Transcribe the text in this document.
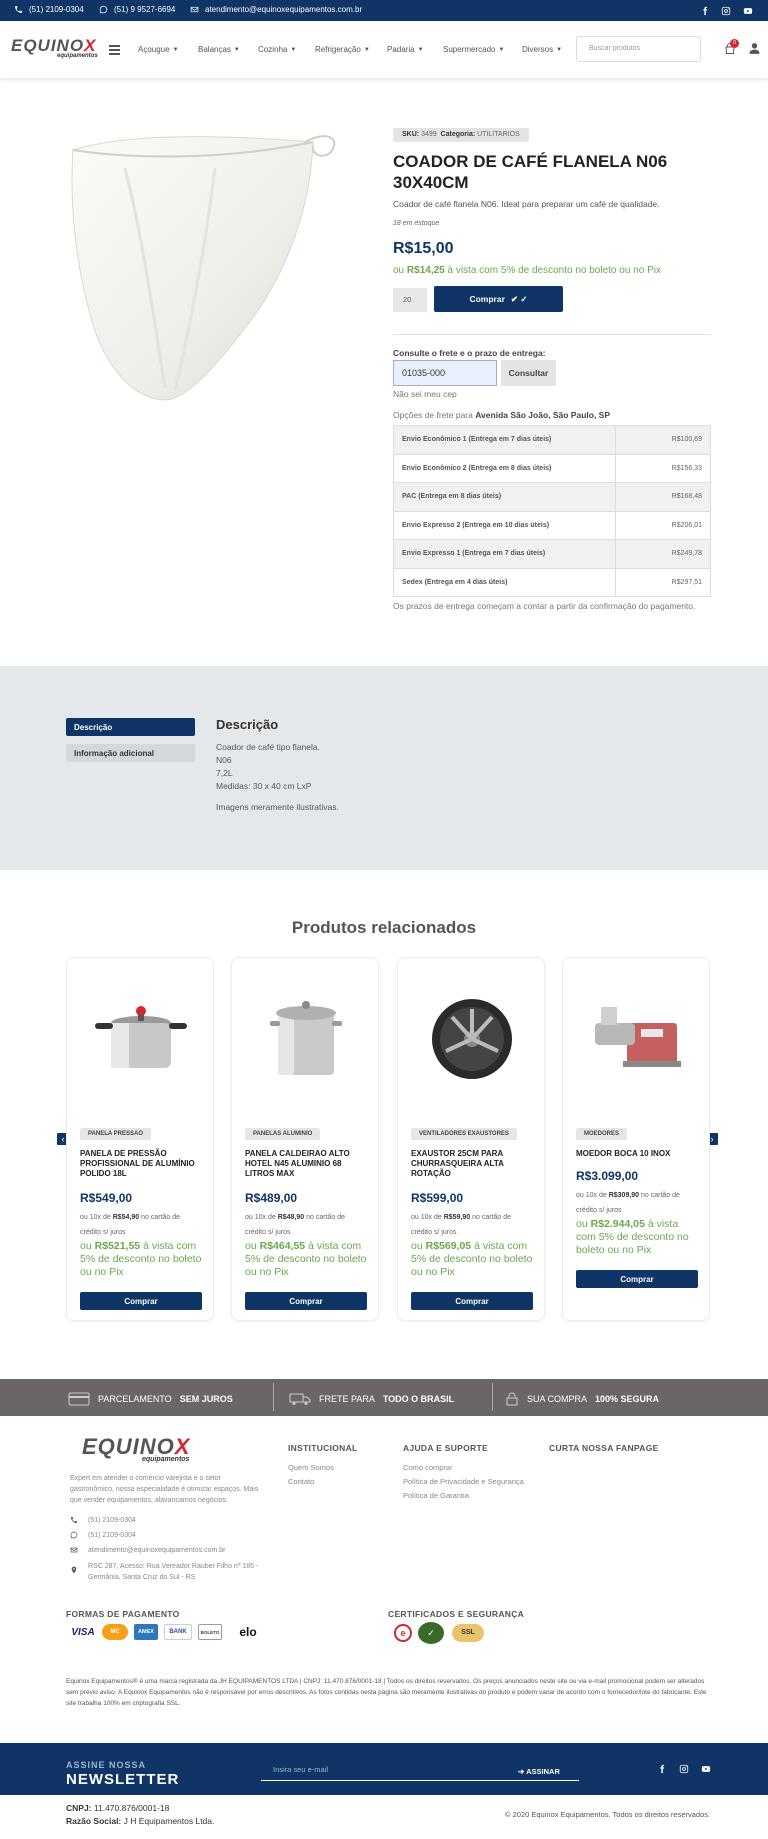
(51) 2109-0304	(51) 9 9527-6694	atendimento@equinoxequipamentos.com.br
EQUINOX
equipamentos
Açougue ▼ Balanças ▼ Cozinha ▼ Refrigeração ▼ Padaria ▼ Supermercado ▼ Diversos ▼	Buscar produtos
0
SKU: 3499 Categoria: UTILITARIOS
COADOR DE CAFÉ FLANELA N06 30X40CM
Coador de café flanela N06. Ideal para preparar um café de qualidade.
18 em estoque
R$15,00
ou R$14,25 à vista com 5% de desconto no boleto ou no Pix
20	Comprar ✔ ✓
Consulte o frete e o prazo de entrega:
01035-000	Consultar
Não sei meu cep
Opções de frete para Avenida São João, São Paulo, SP
Envio Econômico 1 (Entrega em 7 dias úteis)	R$100,69
Envio Econômico 2 (Entrega em 8 dias úteis)	R$156,33
PAC (Entrega em 8 dias úteis)	R$168,48
Envio Expresso 2 (Entrega em 10 dias úteis)	R$206,01
Envio Expresso 1 (Entrega em 7 dias úteis)	R$249,78
Sedex (Entrega em 4 dias úteis)	R$297,51
Os prazos de entrega começam a contar a partir da confirmação do pagamento.
Descrição
Informação adicional
Descrição
Coador de café tipo flanela.
N06
7,2L
Medidas: 30 x 40 cm LxP
Imagens meramente ilustrativas.
Produtos relacionados
‹	›
PANELA PRESSAO
PANELA DE PRESSÃO PROFISSIONAL DE ALUMÍNIO POLIDO 18L
R$549,00
ou 10x de R$54,90 no cartão de crédito s/ juros
ou R$521,55 à vista com 5% de desconto no boleto ou no Pix
Comprar
PANELAS ALUMINIO
PANELA CALDEIRAO ALTO HOTEL N45 ALUMINIO 68 LITROS MAX
R$489,00
ou 10x de R$48,90 no cartão de crédito s/ juros
ou R$464,55 à vista com 5% de desconto no boleto ou no Pix
Comprar
VENTILADORES EXAUSTORES
EXAUSTOR 25CM PARA CHURRASQUEIRA ALTA ROTAÇÃO
R$599,00
ou 10x de R$59,90 no cartão de crédito s/ juros
ou R$569,05 à vista com 5% de desconto no boleto ou no Pix
Comprar
MOEDORES
MOEDOR BOCA 10 INOX
R$3.099,00
ou 10x de R$309,90 no cartão de crédito s/ juros
ou R$2.944,05 à vista com 5% de desconto no boleto ou no Pix
Comprar
PARCELAMENTO SEM JUROS	FRETE PARA TODO O BRASIL	SUA COMPRA 100% SEGURA
EQUINOX
equipamentos
Expert em atender o comércio varejista e o setor gastronômico, nossa especialidade é otimizar espaços. Mais que vender equipamentos, alavancamos negócios.
(51) 2109-0304
(51) 2109-0304
atendimento@equinoxequipamentos.com.br
RSC 287, Acesso: Rua Vereador Rauber Filho nº 185 - Germânia, Santa Cruz do Sul - RS
INSTITUCIONAL
Quem Somos
Contato
AJUDA E SUPORTE
Como comprar
Política de Privacidade e Segurança
Política de Garantia
CURTA NOSSA FANPAGE
FORMAS DE PAGAMENTO
VISA	MC	AMEX	BANK	BOLETO	elo
CERTIFICADOS E SEGURANÇA
e	✓	SSL
Equinox Equipamentos® é uma marca registrada da JH EQUIPAMENTOS LTDA | CNPJ: 11.470.876/0001-18 | Todos os direitos reservados. Os preços anunciados neste site ou via e-mail promocional podem ser alterados sem prévio aviso. A Equinox Equipamentos não é responsável por erros descritivos. As fotos contidas nesta página são meramente ilustrativas do produto e podem variar de acordo com o fornecedor/lote do fabricante. Este site trabalha 100% em criptografia SSL.
ASSINE NOSSA
NEWSLETTER
Insira seu e-mail	➔ ASSINAR
CNPJ: 11.470.876/0001-18
Razão Social: J H Equipamentos Ltda.
© 2020 Equinox Equipamentos. Todos os direitos reservados.
